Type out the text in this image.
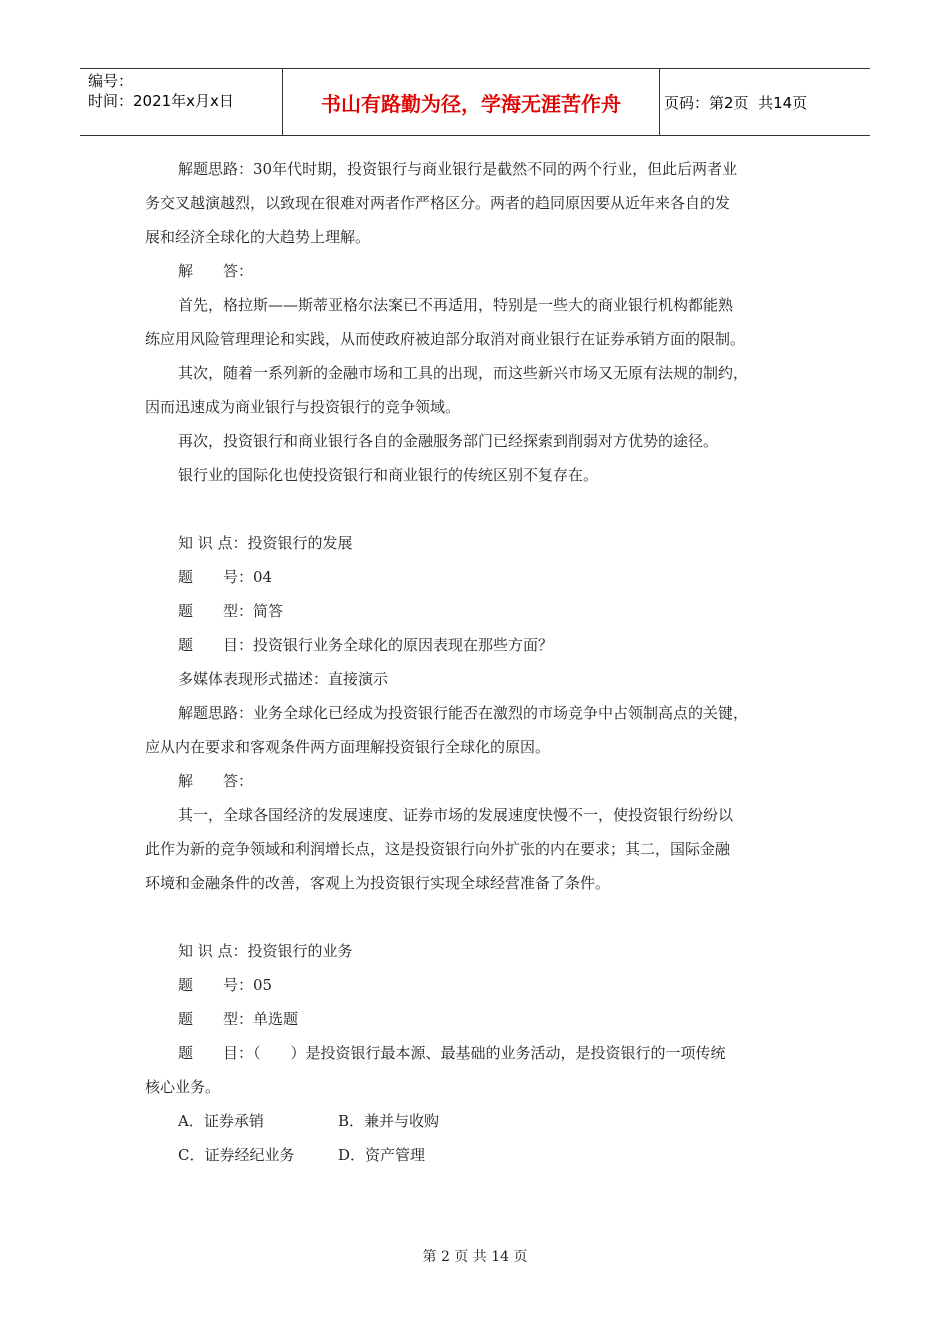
编号：
时间：2021年x月x日	书山有路勤为径，学海无涯苦作舟	页码：第2页  共14页

解题思路：30年代时期，投资银行与商业银行是截然不同的两个行业，但此后两者业

务交叉越演越烈，以致现在很难对两者作严格区分。两者的趋同原因要从近年来各自的发

展和经济全球化的大趋势上理解。

解　　答：

首先，格拉斯——斯蒂亚格尔法案已不再适用，特别是一些大的商业银行机构都能熟

练应用风险管理理论和实践，从而使政府被迫部分取消对商业银行在证券承销方面的限制。

其次，随着一系列新的金融市场和工具的出现，而这些新兴市场又无原有法规的制约，

因而迅速成为商业银行与投资银行的竞争领域。

再次，投资银行和商业银行各自的金融服务部门已经探索到削弱对方优势的途径。

银行业的国际化也使投资银行和商业银行的传统区别不复存在。

知 识 点：投资银行的发展

题　　号：04

题　　型：简答

题　　目：投资银行业务全球化的原因表现在那些方面？

多媒体表现形式描述：直接演示

解题思路：业务全球化已经成为投资银行能否在激烈的市场竞争中占领制高点的关键，

应从内在要求和客观条件两方面理解投资银行全球化的原因。

解　　答：

其一，全球各国经济的发展速度、证券市场的发展速度快慢不一，使投资银行纷纷以

此作为新的竞争领域和利润增长点，这是投资银行向外扩张的内在要求；其二，国际金融

环境和金融条件的改善，客观上为投资银行实现全球经营准备了条件。

知 识 点：投资银行的业务

题　　号：05

题　　型：单选题

题　　目：（　　）是投资银行最本源、最基础的业务活动，是投资银行的一项传统

核心业务。

A．证券承销	B．兼并与收购

C．证券经纪业务	D．资产管理

第 2 页 共 14 页
